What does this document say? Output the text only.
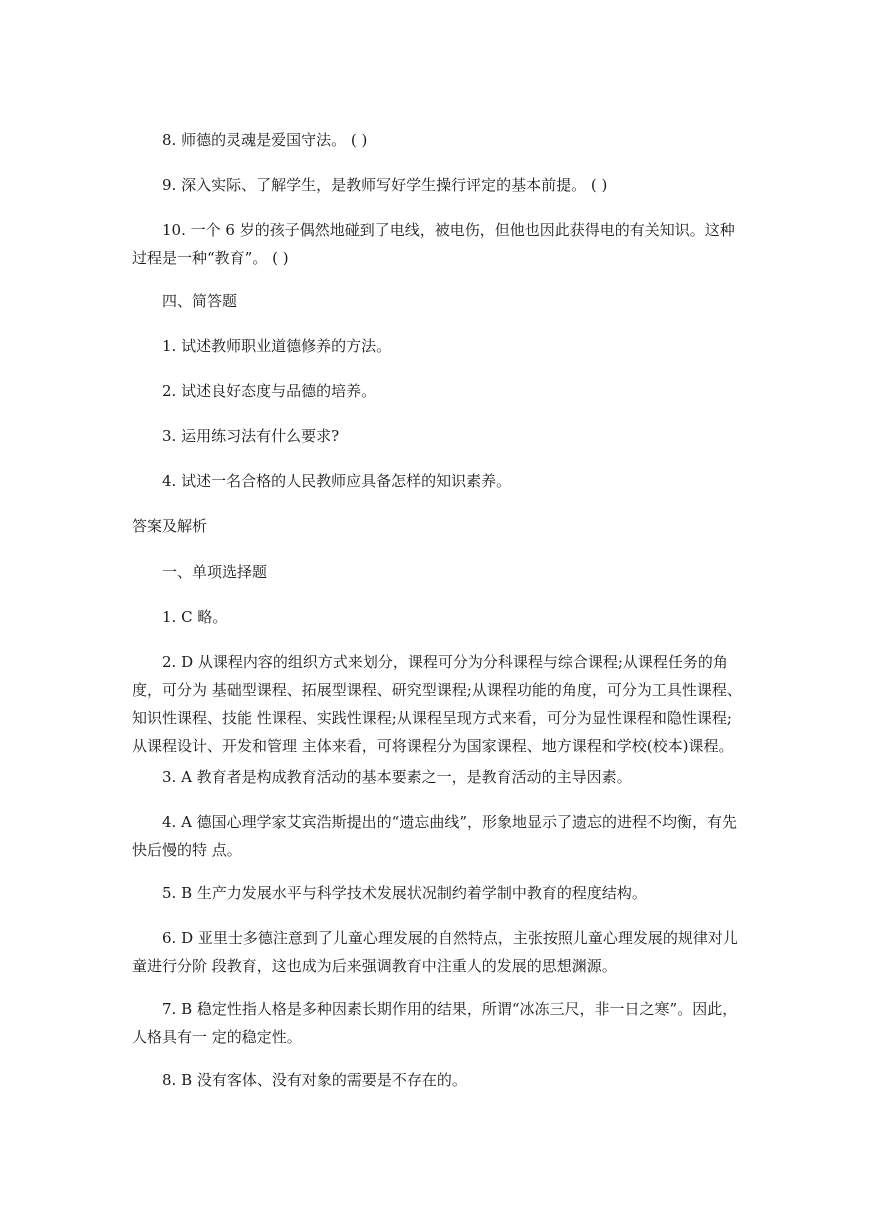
8. 师德的灵魂是爱国守法。 ( )

9. 深入实际、了解学生，是教师写好学生操行评定的基本前提。 ( )

10. 一个 6 岁的孩子偶然地碰到了电线，被电伤，但他也因此获得电的有关知识。这种过程是一种“教育”。 ( )

四、简答题

1. 试述教师职业道德修养的方法。

2. 试述良好态度与品德的培养。

3. 运用练习法有什么要求?

4. 试述一名合格的人民教师应具备怎样的知识素养。

答案及解析

一、单项选择题

1. C 略。

2. D 从课程内容的组织方式来划分，课程可分为分科课程与综合课程;从课程任务的角度，可分为 基础型课程、拓展型课程、研究型课程;从课程功能的角度，可分为工具性课程、知识性课程、技能 性课程、实践性课程;从课程呈现方式来看，可分为显性课程和隐性课程;从课程设计、开发和管理 主体来看，可将课程分为国家课程、地方课程和学校(校本)课程。

3. A 教育者是构成教育活动的基本要素之一，是教育活动的主导因素。

4. A 德国心理学家艾宾浩斯提出的“遗忘曲线”，形象地显示了遗忘的进程不均衡，有先快后慢的特 点。

5. B 生产力发展水平与科学技术发展状况制约着学制中教育的程度结构。

6. D 亚里士多德注意到了儿童心理发展的自然特点，主张按照儿童心理发展的规律对儿童进行分阶 段教育，这也成为后来强调教育中注重人的发展的思想渊源。

7. B 稳定性指人格是多种因素长期作用的结果，所谓“冰冻三尺，非一日之寒”。因此，人格具有一 定的稳定性。

8. B 没有客体、没有对象的需要是不存在的。
